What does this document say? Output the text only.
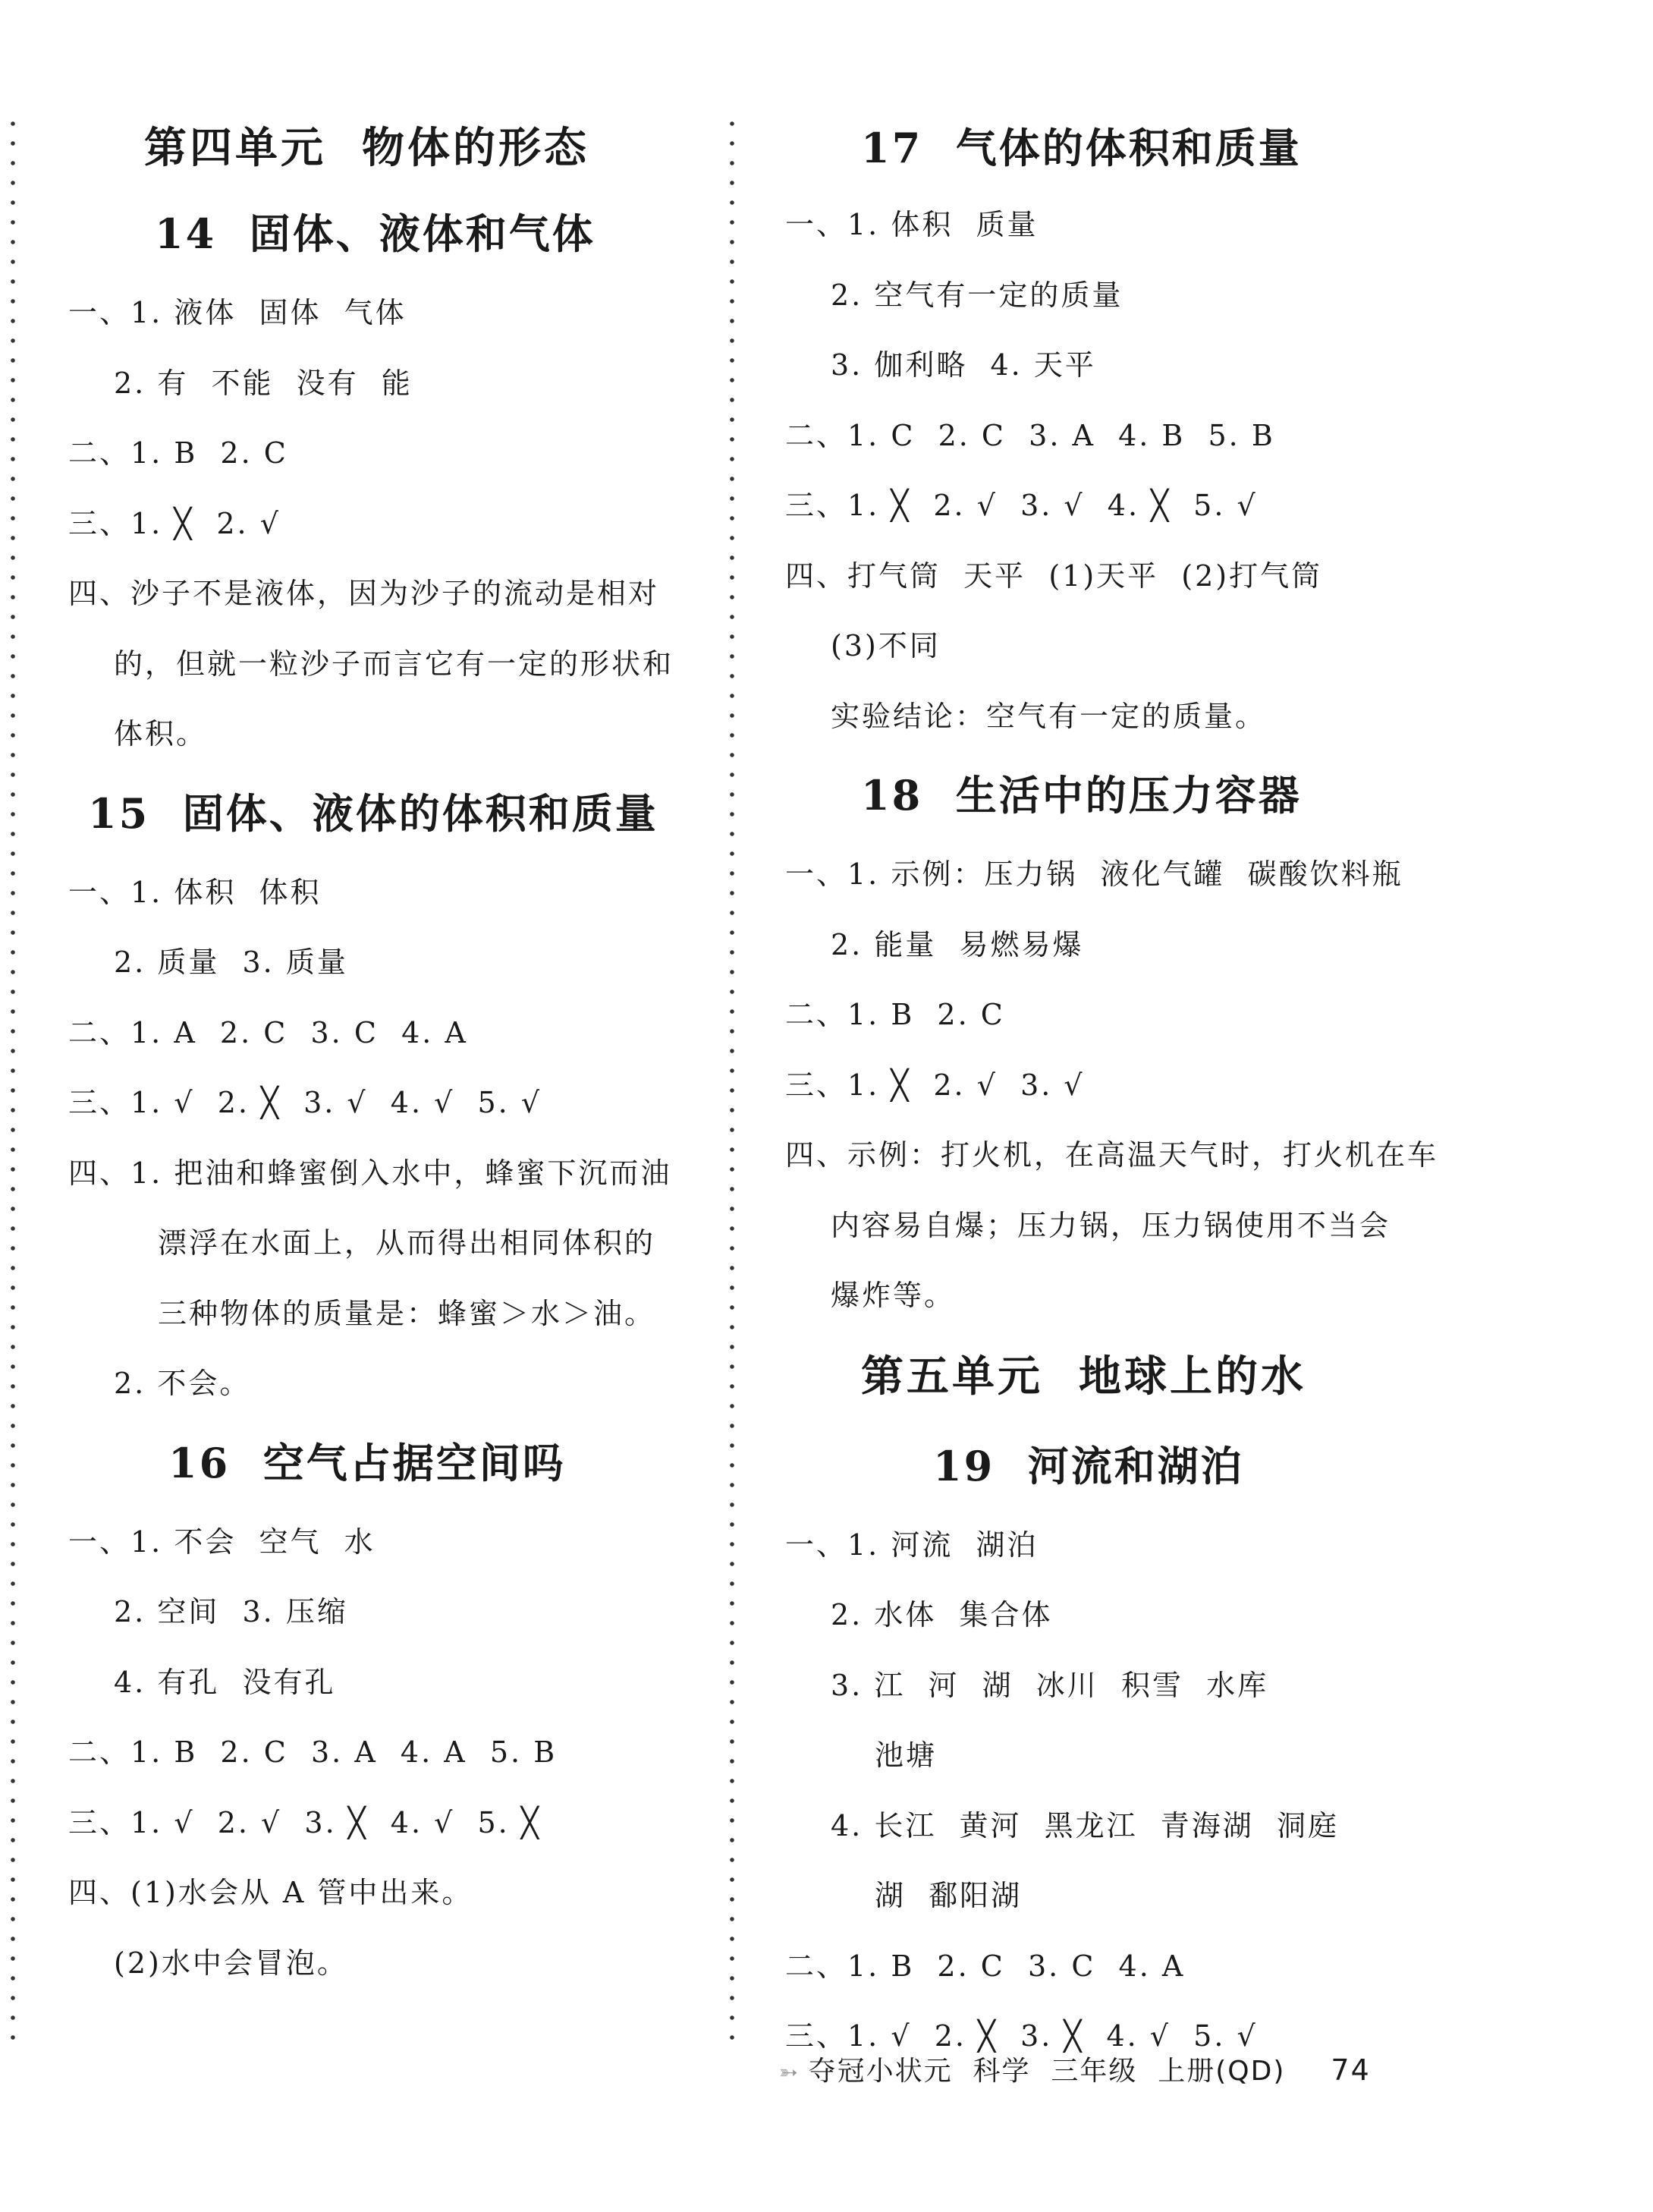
第四单元  物体的形态
14  固体、液体和气体
一、1. 液体  固体  气体
2. 有  不能  没有  能
二、1. B  2. C
三、1. ╳  2. √
四、沙子不是液体，因为沙子的流动是相对
的，但就一粒沙子而言它有一定的形状和
体积。
15  固体、液体的体积和质量
一、1. 体积  体积
2. 质量  3. 质量
二、1. A  2. C  3. C  4. A
三、1. √  2. ╳  3. √  4. √  5. √
四、1. 把油和蜂蜜倒入水中，蜂蜜下沉而油
漂浮在水面上，从而得出相同体积的
三种物体的质量是：蜂蜜＞水＞油。
2. 不会。
16  空气占据空间吗
一、1. 不会  空气  水
2. 空间  3. 压缩
4. 有孔  没有孔
二、1. B  2. C  3. A  4. A  5. B
三、1. √  2. √  3. ╳  4. √  5. ╳
四、(1)水会从 A 管中出来。
(2)水中会冒泡。
17  气体的体积和质量
一、1. 体积  质量
2. 空气有一定的质量
3. 伽利略  4. 天平
二、1. C  2. C  3. A  4. B  5. B
三、1. ╳  2. √  3. √  4. ╳  5. √
四、打气筒  天平  (1)天平  (2)打气筒
(3)不同
实验结论：空气有一定的质量。
18  生活中的压力容器
一、1. 示例：压力锅  液化气罐  碳酸饮料瓶
2. 能量  易燃易爆
二、1. B  2. C
三、1. ╳  2. √  3. √
四、示例：打火机，在高温天气时，打火机在车
内容易自爆；压力锅，压力锅使用不当会
爆炸等。
第五单元  地球上的水
19  河流和湖泊
一、1. 河流  湖泊
2. 水体  集合体
3. 江  河  湖  冰川  积雪  水库
池塘
4. 长江  黄河  黑龙江  青海湖  洞庭
湖  鄱阳湖
二、1. B  2. C  3. C  4. A
三、1. √  2. ╳  3. ╳  4. √  5. √

➳ 夺冠小状元  科学  三年级  上册(QD) 74
